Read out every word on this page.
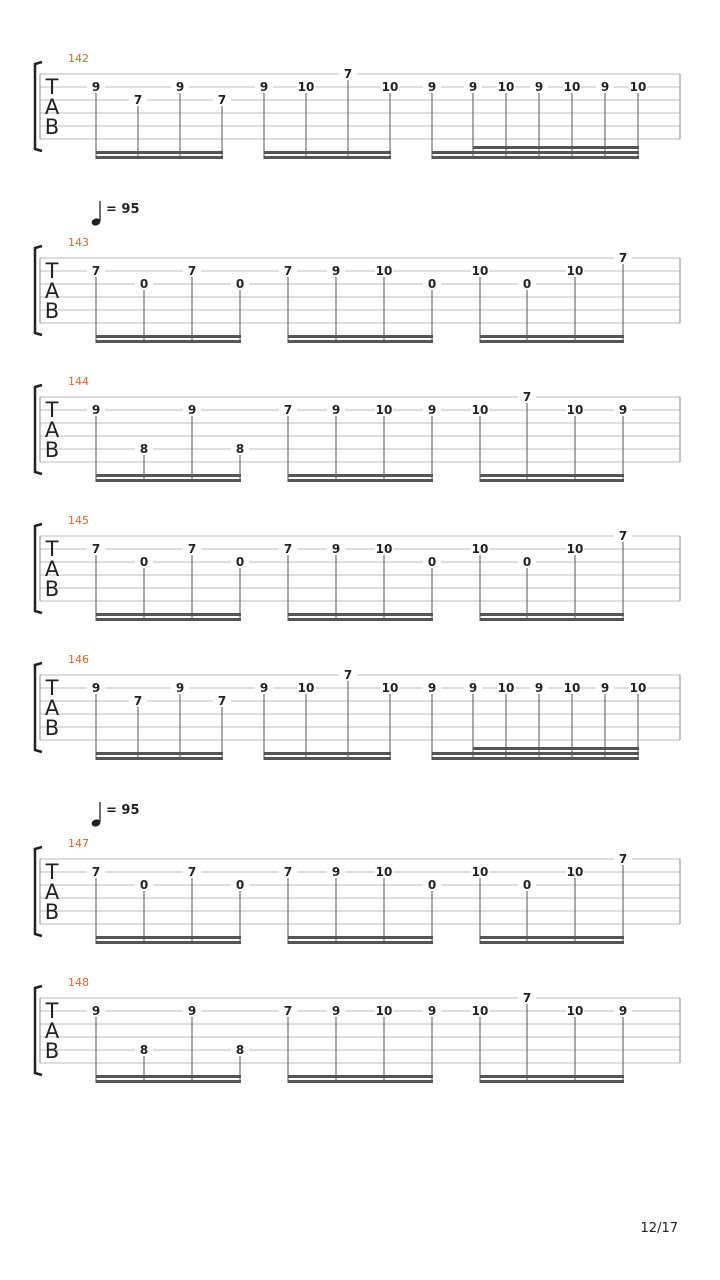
142
T
A
B
9
7
9
7
9 10
7
10 9	9 10 9 10 9 10
143
T
A
B
= 95
7
0
7
0
7	9	10
0
10
0
10
7
144
T
A
B
9
8
9
8
7	9	10	9	10
7
10	9
145
T
A
B
7
0
7
0
7	9	10
0
10
0
10
7
146
T
A
B
9
7
9
7
9 10
7
10 9	9 10 9 10 9 10
147
T
A
B
= 95
7
0
7
0
7	9	10
0
10
0
10
7
148
T
A
B
9
8
9
8
7	9	10	9	10
7
10	9
12/17
